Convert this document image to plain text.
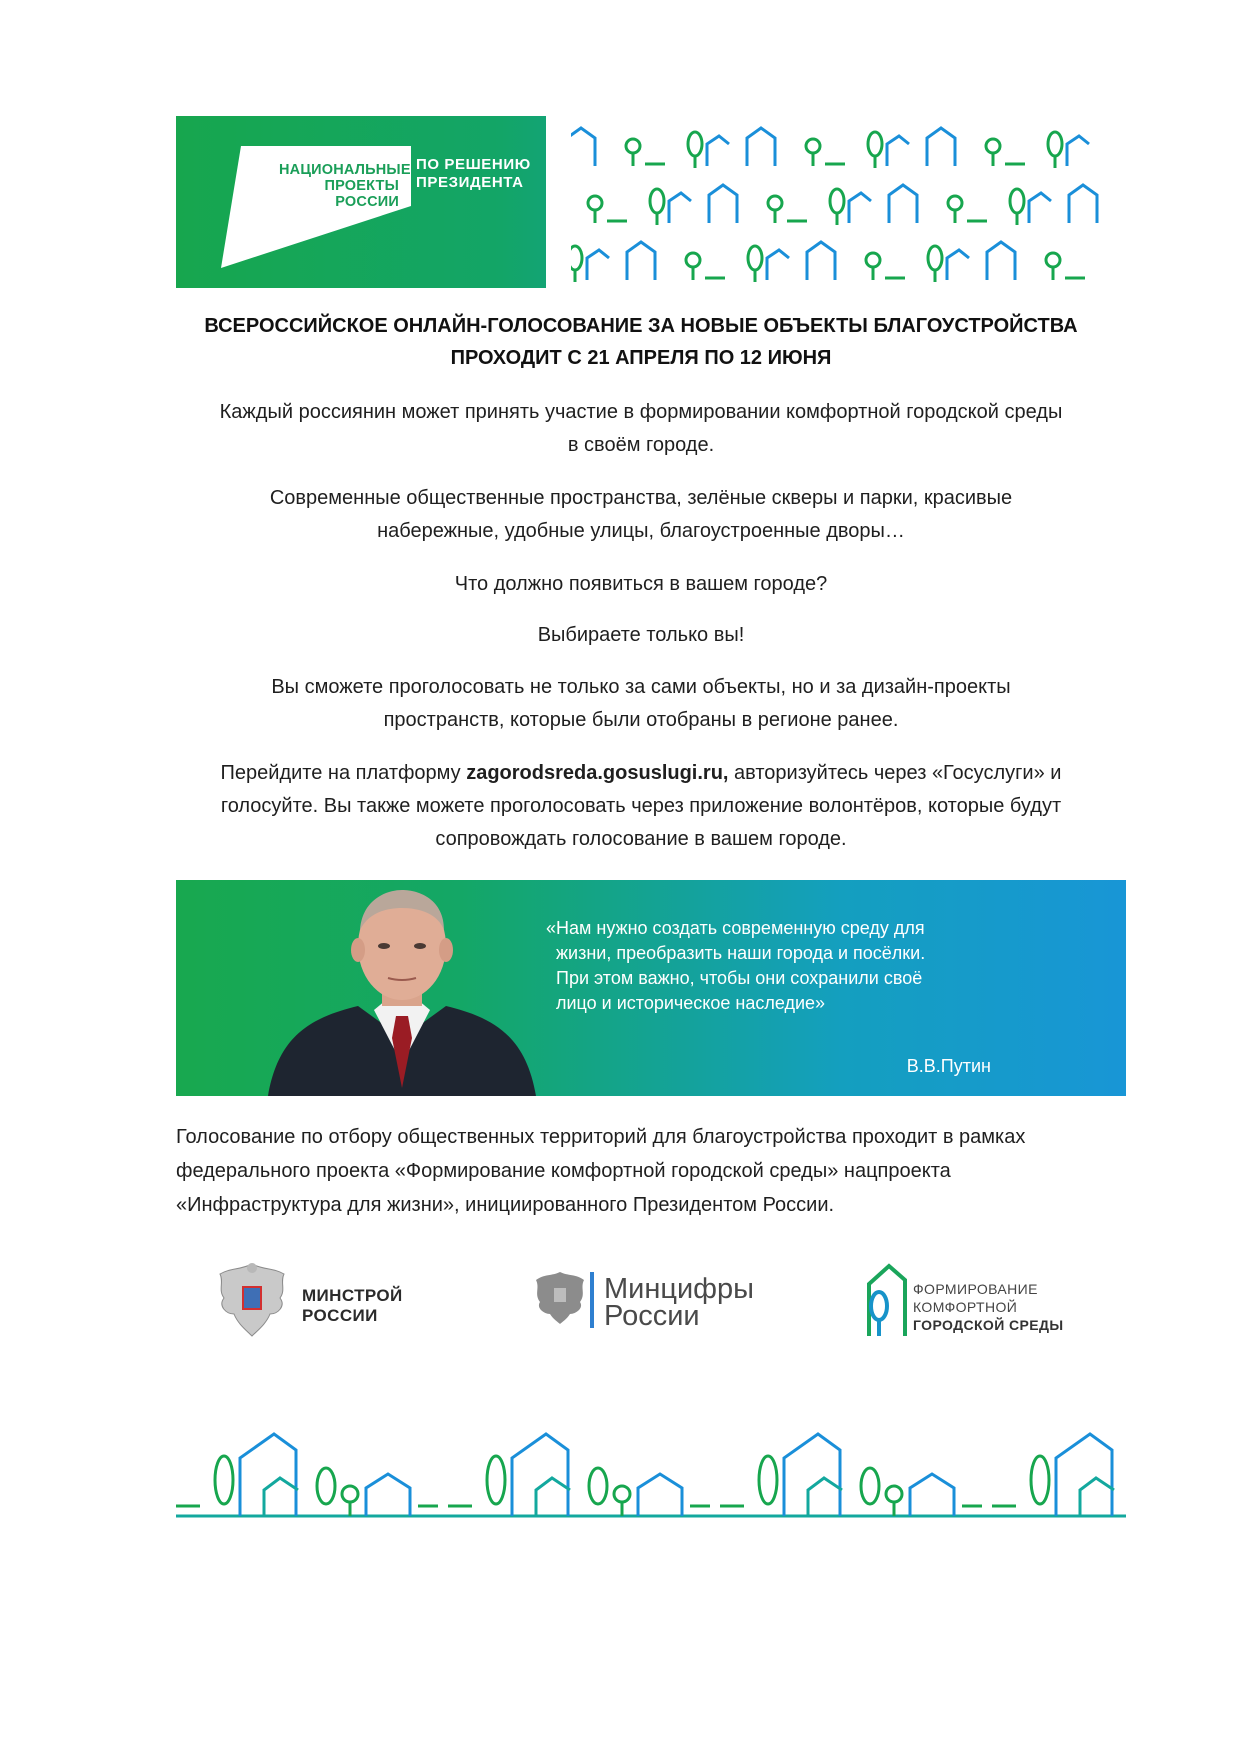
НАЦИОНАЛЬНЫЕ
ПРОЕКТЫ
РОССИИ
ПО РЕШЕНИЮ
ПРЕЗИДЕНТА
ВСЕРОССИЙСКОЕ ОНЛАЙН-ГОЛОСОВАНИЕ ЗА НОВЫЕ ОБЪЕКТЫ БЛАГОУСТРОЙСТВА
ПРОХОДИТ С 21 АПРЕЛЯ ПО 12 ИЮНЯ
Каждый россиянин может принять участие в формировании комфортной городской среды
в своём городе.
Современные общественные пространства, зелёные скверы и парки, красивые
набережные, удобные улицы, благоустроенные дворы…
Что должно появиться в вашем городе?
Выбираете только вы!
Вы сможете проголосовать не только за сами объекты, но и за дизайн-проекты
пространств, которые были отобраны в регионе ранее.
Перейдите на платформу zagorodsreda.gosuslugi.ru, авторизуйтесь через «Госуслуги» и
голосуйте. Вы также можете проголосовать через приложение волонтёров, которые будут
сопровождать голосование в вашем городе.
«Нам нужно создать современную среду для
жизни, преобразить наши города и посёлки.
При этом важно, чтобы они сохранили своё
лицо и историческое наследие»
В.В.Путин
Голосование по отбору общественных территорий для благоустройства проходит в рамках
федерального проекта «Формирование комфортной городской среды» нацпроекта
«Инфраструктура для жизни», инициированного Президентом России.
МИНСТРОЙ
РОССИИ
Минцифры
России
ФОРМИРОВАНИЕ
КОМФОРТНОЙ
ГОРОДСКОЙ СРЕДЫ
